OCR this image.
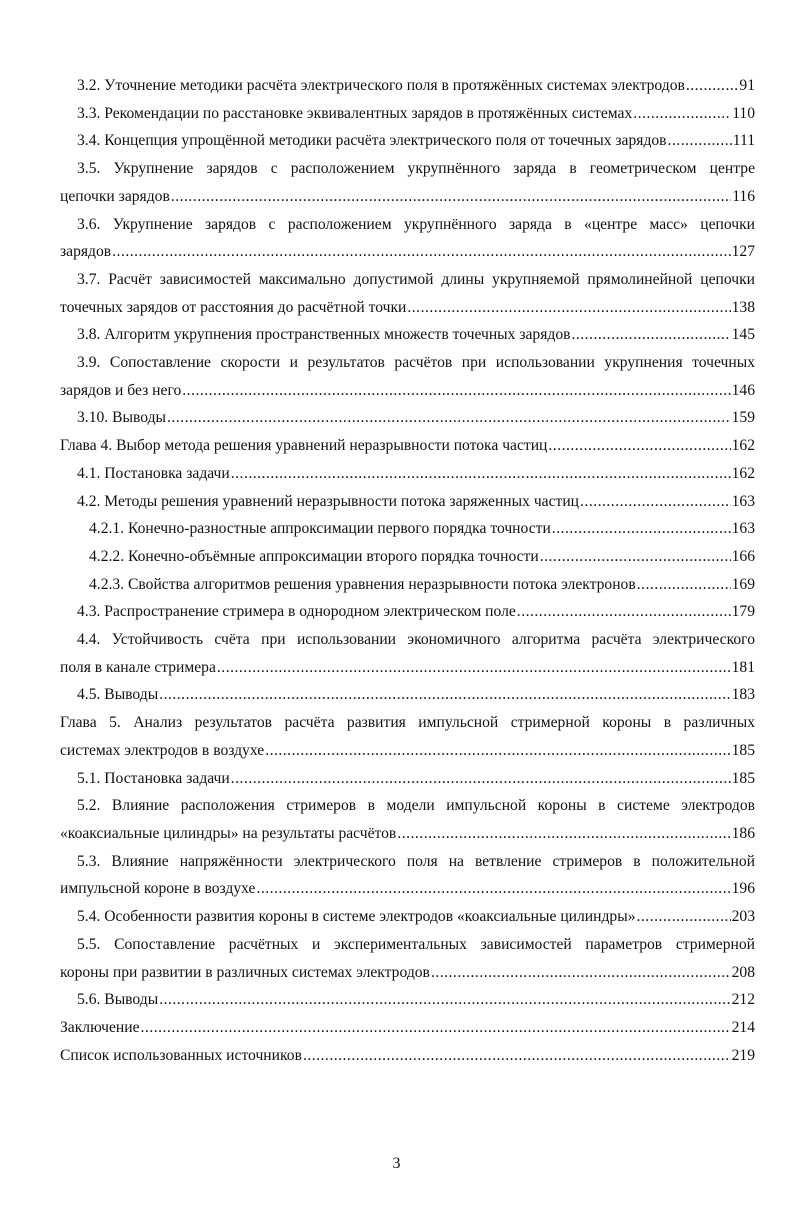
3.2. Уточнение методики расчёта электрического поля в протяжённых системах электродов .....	91
3.3. Рекомендации по расстановке эквивалентных зарядов в протяжённых системах .....	110
3.4. Концепция упрощённой методики расчёта электрического поля от точечных зарядов .....	111
3.5. Укрупнение зарядов с расположением укрупнённого заряда в геометрическом центре
цепочки зарядов .....	116
3.6. Укрупнение зарядов с расположением укрупнённого заряда в «центре масс» цепочки
зарядов .....	127
3.7. Расчёт зависимостей максимально допустимой длины укрупняемой прямолинейной цепочки
точечных зарядов от расстояния до расчётной точки .....	138
3.8. Алгоритм укрупнения пространственных множеств точечных зарядов .....	145
3.9. Сопоставление скорости и результатов расчётов при использовании укрупнения точечных
зарядов и без него .....	146
3.10. Выводы .....	159
Глава 4. Выбор метода решения уравнений неразрывности потока частиц .....	162
4.1. Постановка задачи .....	162
4.2. Методы решения уравнений неразрывности потока заряженных частиц .....	163
4.2.1. Конечно-разностные аппроксимации первого порядка точности .....	163
4.2.2. Конечно-объёмные аппроксимации второго порядка точности .....	166
4.2.3. Свойства алгоритмов решения уравнения неразрывности потока электронов .....	169
4.3. Распространение стримера в однородном электрическом поле .....	179
4.4. Устойчивость счёта при использовании экономичного алгоритма расчёта электрического
поля в канале стримера .....	181
4.5. Выводы .....	183
Глава 5. Анализ результатов расчёта развития импульсной стримерной короны в различных
системах электродов в воздухе .....	185
5.1. Постановка задачи .....	185
5.2. Влияние расположения стримеров в модели импульсной короны в системе электродов
«коаксиальные цилиндры» на результаты расчётов .....	186
5.3. Влияние напряжённости электрического поля на ветвление стримеров в положительной
импульсной короне в воздухе .....	196
5.4. Особенности развития короны в системе электродов «коаксиальные цилиндры» .....	203
5.5. Сопоставление расчётных и экспериментальных зависимостей параметров стримерной
короны при развитии в различных системах электродов .....	208
5.6. Выводы .....	212
Заключение .....	214
Список использованных источников .....	219
3
